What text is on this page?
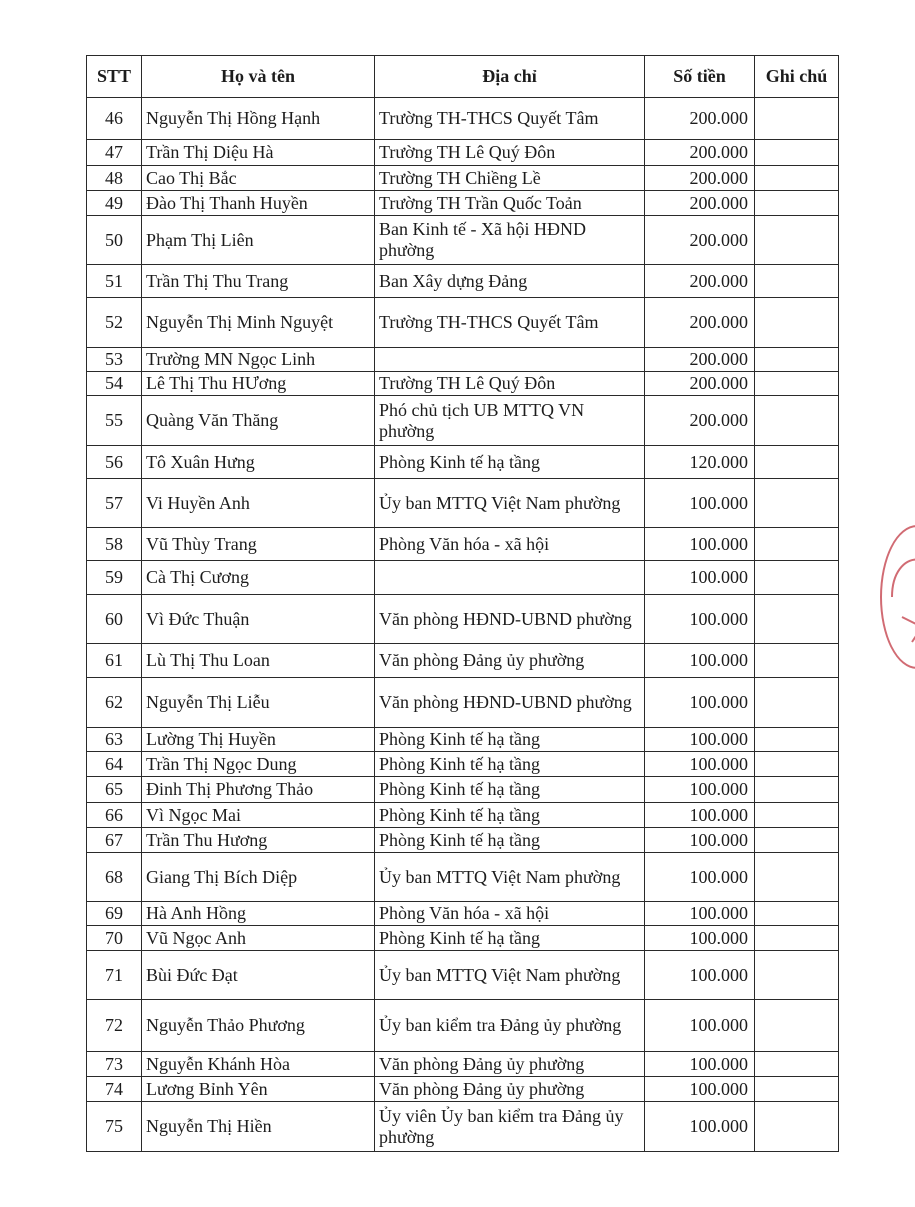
STT	Họ và tên	Địa chỉ	Số tiền	Ghi chú
46	Nguyễn Thị Hồng Hạnh	Trường TH-THCS Quyết Tâm	200.000	
47	Trần Thị Diệu Hà	Trường TH Lê Quý Đôn	200.000	
48	Cao Thị Bắc	Trường TH Chiềng Lề	200.000	
49	Đào Thị Thanh Huyền	Trường TH Trần Quốc Toản	200.000	
50	Phạm Thị Liên	Ban Kinh tế - Xã hội HĐND phường	200.000	
51	Trần Thị Thu Trang	Ban Xây dựng Đảng	200.000	
52	Nguyễn Thị Minh Nguyệt	Trường TH-THCS Quyết Tâm	200.000	
53	Trường MN Ngọc Linh		200.000	
54	Lê Thị Thu HƯơng	Trường TH Lê Quý Đôn	200.000	
55	Quàng Văn Thăng	Phó chủ tịch UB MTTQ VN phường	200.000	
56	Tô Xuân Hưng	Phòng Kinh tế hạ tầng	120.000	
57	Vi Huyền Anh	Ủy ban MTTQ Việt Nam phường	100.000	
58	Vũ Thùy Trang	Phòng Văn hóa - xã hội	100.000	
59	Cà Thị Cương		100.000	
60	Vì Đức Thuận	Văn phòng HĐND-UBND phường	100.000	
61	Lù Thị Thu Loan	Văn phòng Đảng ủy phường	100.000	
62	Nguyễn Thị Liễu	Văn phòng HĐND-UBND phường	100.000	
63	Lường Thị Huyền	Phòng Kinh tế hạ tầng	100.000	
64	Trần Thị Ngọc Dung	Phòng Kinh tế hạ tầng	100.000	
65	Đinh Thị Phương Thảo	Phòng Kinh tế hạ tầng	100.000	
66	Vì Ngọc Mai	Phòng Kinh tế hạ tầng	100.000	
67	Trần Thu Hương	Phòng Kinh tế hạ tầng	100.000	
68	Giang Thị Bích Diệp	Ủy ban MTTQ Việt Nam phường	100.000	
69	Hà Anh Hồng	Phòng Văn hóa - xã hội	100.000	
70	Vũ Ngọc Anh	Phòng Kinh tế hạ tầng	100.000	
71	Bùi Đức Đạt	Ủy ban MTTQ Việt Nam phường	100.000	
72	Nguyễn Thảo Phương	Ủy ban kiểm tra Đảng ủy phường	100.000	
73	Nguyễn Khánh Hòa	Văn phòng Đảng ủy phường	100.000	
74	Lương Bỉnh Yên	Văn phòng Đảng ủy phường	100.000	
75	Nguyễn Thị Hiền	Ủy viên Ủy ban kiểm tra Đảng ủy phường	100.000	
